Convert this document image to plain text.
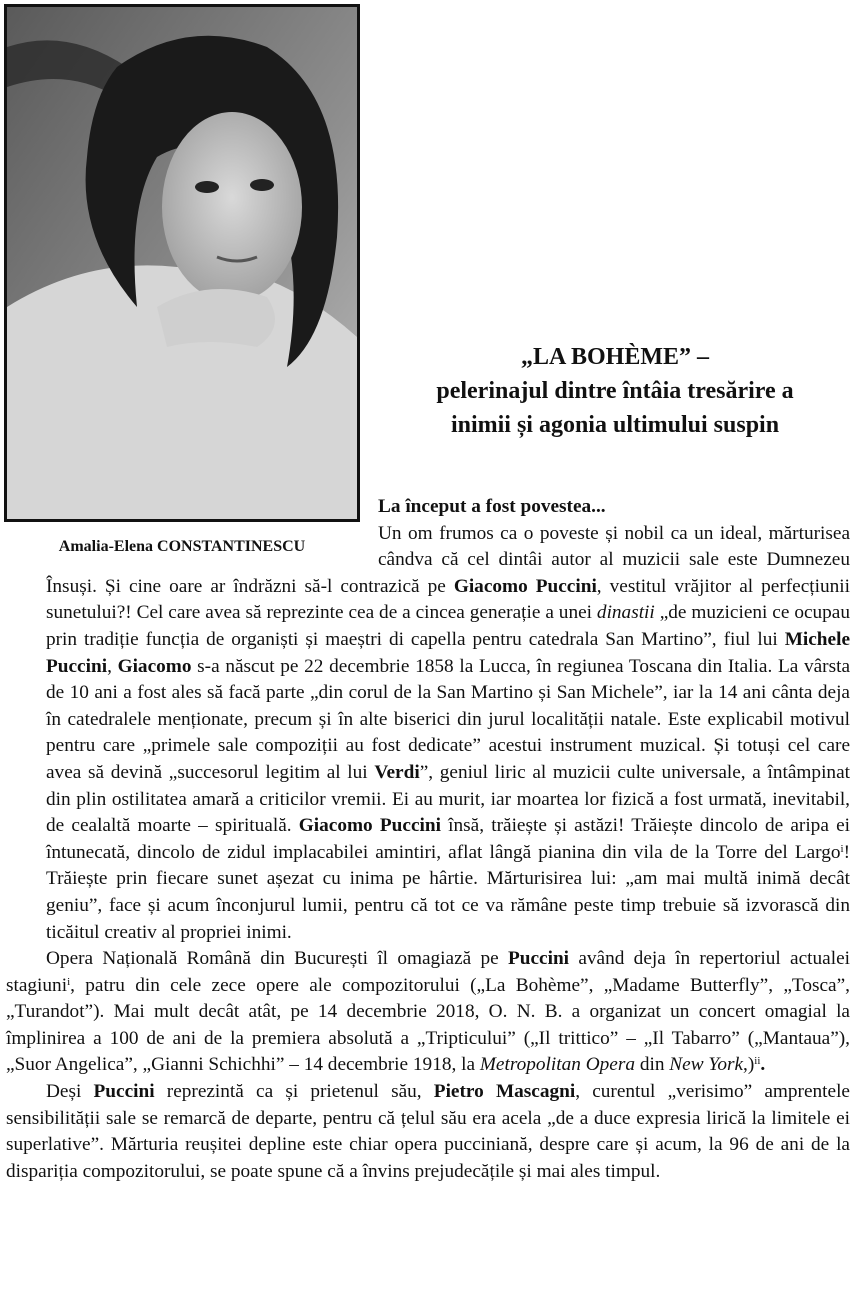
Amalia-Elena CONSTANTINESCU
„LA BOHÈME” –
pelerinajul dintre întâia tresărire a
inimii și agonia ultimului suspin

La început a fost povestea...

Un om frumos ca o poveste și nobil ca un ideal, mărturisea cândva că cel dintâi autor al muzicii sale este Dumnezeu Însuși. Și cine oare ar îndrăzni să-l contrazică pe Giacomo Puccini, vestitul vrăjitor al perfecțiunii sunetului?! Cel care avea să reprezinte cea de a cincea generație a unei dinastii „de muzicieni ce ocupau prin tradiție funcția de organiști și maeștri di capella pentru catedrala San Martino”, fiul lui Michele Puccini, Giacomo s-a născut pe 22 decembrie 1858 la Lucca, în regiunea Toscana din Italia. La vârsta de 10 ani a fost ales să facă parte „din corul de la San Martino și San Michele”, iar la 14 ani cânta deja în catedralele menționate, precum și în alte biserici din jurul localității natale. Este explicabil motivul pentru care „primele sale compoziții au fost dedicate” acestui instrument muzical. Și totuși cel care avea să devină „succesorul legitim al lui Verdi”, geniul liric al muzicii culte universale, a întâmpinat din plin ostilitatea amară a criticilor vremii. Ei au murit, iar moartea lor fizică a fost urmată, inevitabil, de cealaltă moarte – spirituală. Giacomo Puccini însă, trăiește și astăzi! Trăiește dincolo de aripa ei întunecată, dincolo de zidul implacabilei amintiri, aflat lângă pianina din vila de la Torre del Largo$^i$! Trăiește prin fiecare sunet așezat cu inima pe hârtie. Mărturisirea lui: „am mai multă inimă decât geniu”, face și acum înconjurul lumii, pentru că tot ce va rămâne peste timp trebuie să izvorască din ticăitul creativ al propriei inimi.

Opera Națională Română din București îl omagiază pe Puccini având deja în repertoriul actualei stagiuni$^i$, patru din cele zece opere ale compozitorului („La Bohème”, „Madame Butterfly”, „Tosca”, „Turandot”). Mai mult decât atât, pe 14 decembrie 2018, O. N. B. a organizat un concert omagial la împlinirea a 100 de ani de la premiera absolută a „Tripticului” („Il trittico” – „Il Tabarro” („Mantaua”), „Suor Angelica”, „Gianni Schichhi” – 14 decembrie 1918, la Metropolitan Opera din New York,)$^{ii}$.

Deși Puccini reprezintă ca și prietenul său, Pietro Mascagni, curentul „verisimo” amprentele sensibilității sale se remarcă de departe, pentru că țelul său era acela „de a duce expresia lirică la limitele ei superlative”. Mărturia reușitei depline este chiar opera pucciniană, despre care și acum, la 96 de ani de la dispariția compozitorului, se poate spune că a învins prejudecățile și mai ales timpul.
